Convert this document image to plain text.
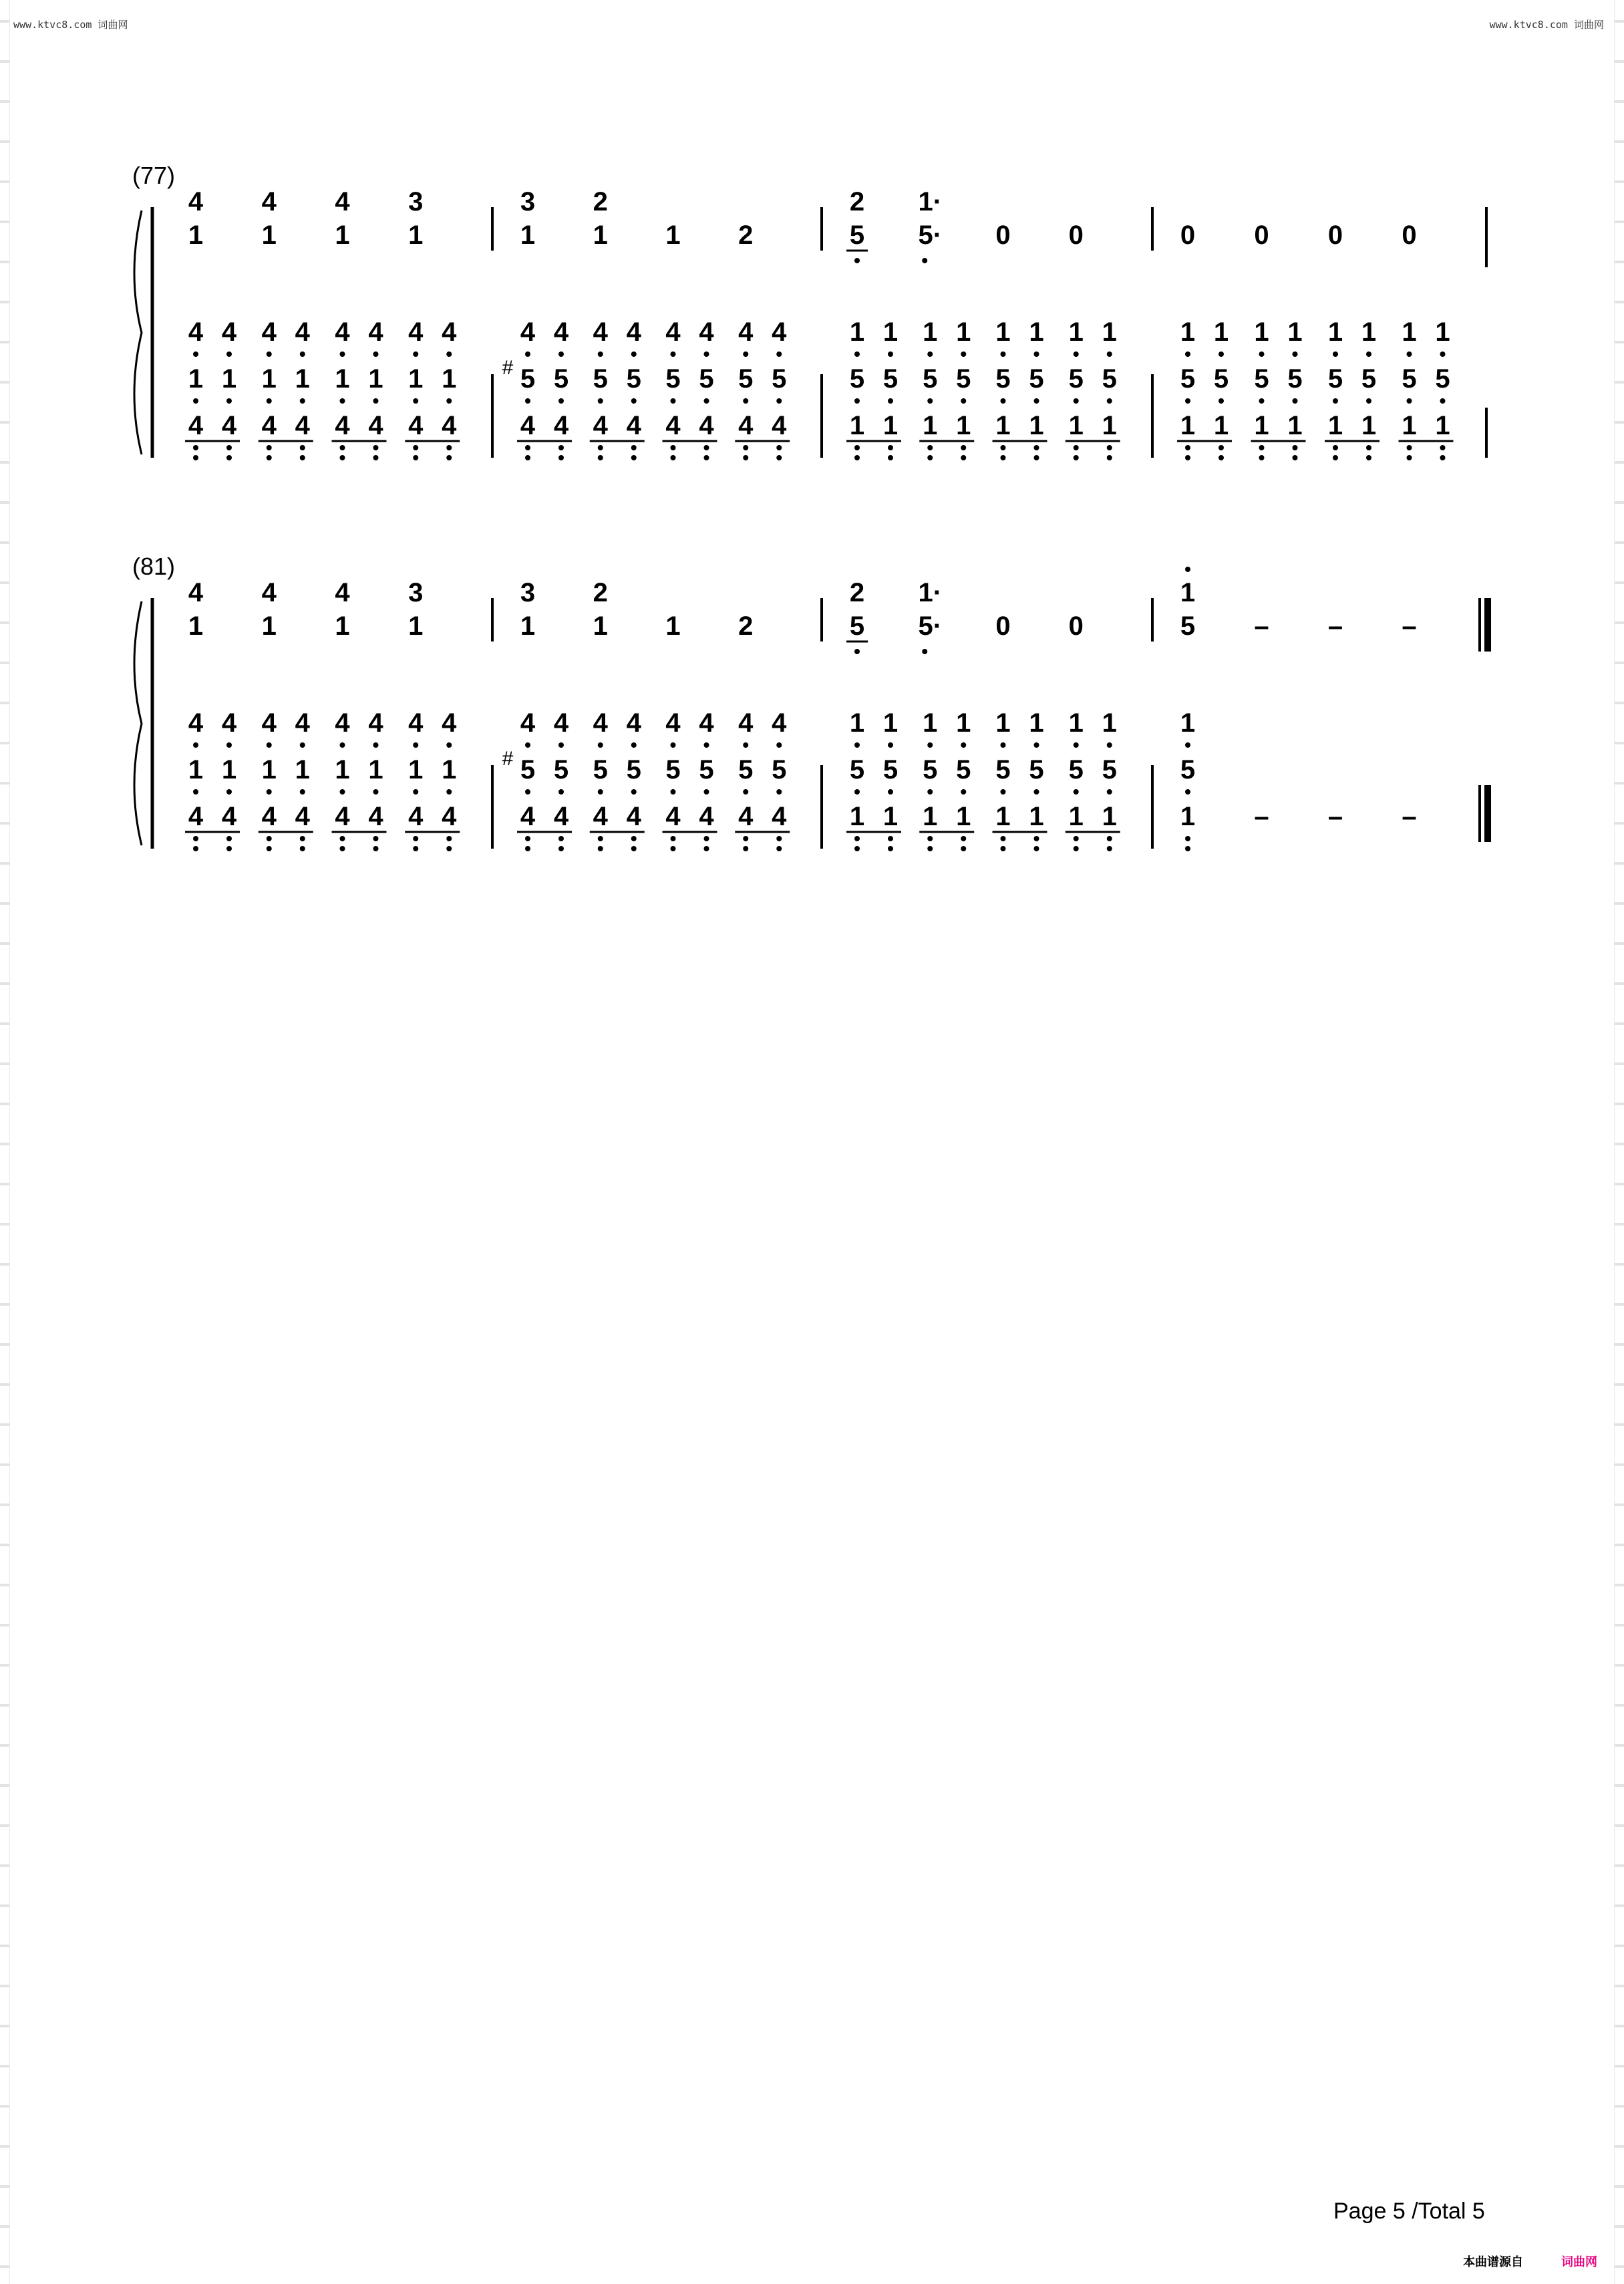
www.ktvc8.com 词曲网	www.ktvc8.com 词曲网
(77)
4
1
4
1
4
1
3
1
4
1
4
4
1
4
4
1
4
4
1
4
4
1
4
4
1
4
4
1
4
4
1
4
3
1
2
1 1 2
4
5
4
4
5
4
4
5
4
4
5
4
4
5
4
4
5
4
4
5
4
4
5
4
#
2
5
1·
5· 0 0
1
5
1
1
5
1
1
5
1
1
5
1
1
5
1
1
5
1
1
5
1
1
5
1
0 0 0 0
1
5
1
1
5
1
1
5
1
1
5
1
1
5
1
1
5
1
1
5
1
1
5
1
(81)
4
1
4
1
4
1
3
1
4
1
4
4
1
4
4
1
4
4
1
4
4
1
4
4
1
4
4
1
4
4
1
4
3
1
2
1 1 2
4
5
4
4
5
4
4
5
4
4
5
4
4
5
4
4
5
4
4
5
4
4
5
4
#
2
5
1·
5· 0 0
1
5
1
1
5
1
1
5
1
1
5
1
1
5
1
1
5
1
1
5
1
1
5
1
1
5 – – –
1
5
1 – – –
Page 5 /Total 5
本曲谱源自	词曲网
